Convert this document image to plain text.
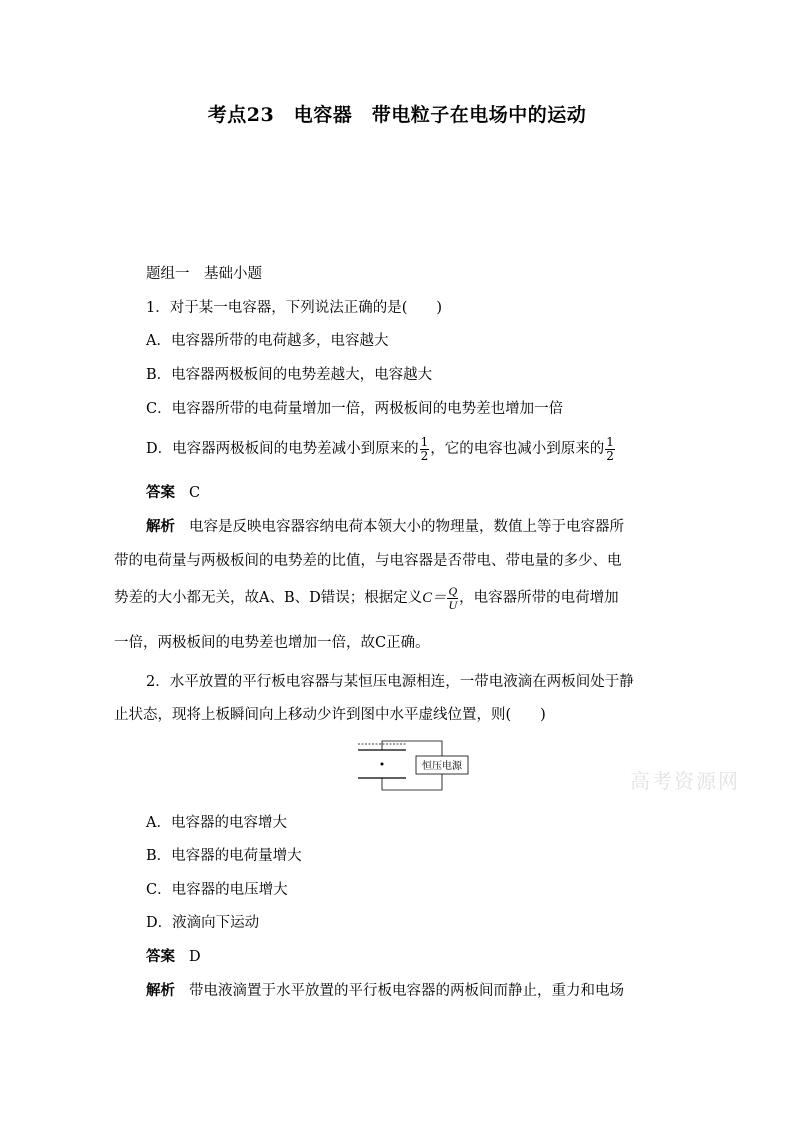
考点23　电容器　带电粒子在电场中的运动
题组一　基础小题
1．对于某一电容器，下列说法正确的是(　　)
A．电容器所带的电荷越多，电容越大
B．电容器两极板间的电势差越大，电容越大
C．电容器所带的电荷量增加一倍，两极板间的电势差也增加一倍
D．电容器两极板间的电势差减小到原来的 $\frac{1}{2}$ ，它的电容也减小到原来的 $\frac{1}{2}$
答案 C
解析 电容是反映电容器容纳电荷本领大小的物理量，数值上等于电容器所
带的电荷量与两极板间的电势差的比值，与电容器是否带电、带电量的多少、电
势差的大小都无关，故A、B、D错误；根据定义$C= \frac{Q}{U}$ ，电容器所带的电荷增加
一倍，两极板间的电势差也增加一倍，故C正确。
2．水平放置的平行板电容器与某恒压电源相连，一带电液滴在两板间处于静
止状态，现将上板瞬间向上移动少许到图中水平虚线位置，则(　　)
恒压电源
高考资源网
A．电容器的电容增大
B．电容器的电荷量增大
C．电容器的电压增大
D．液滴向下运动
答案 D
解析 带电液滴置于水平放置的平行板电容器的两板间而静止，重力和电场
